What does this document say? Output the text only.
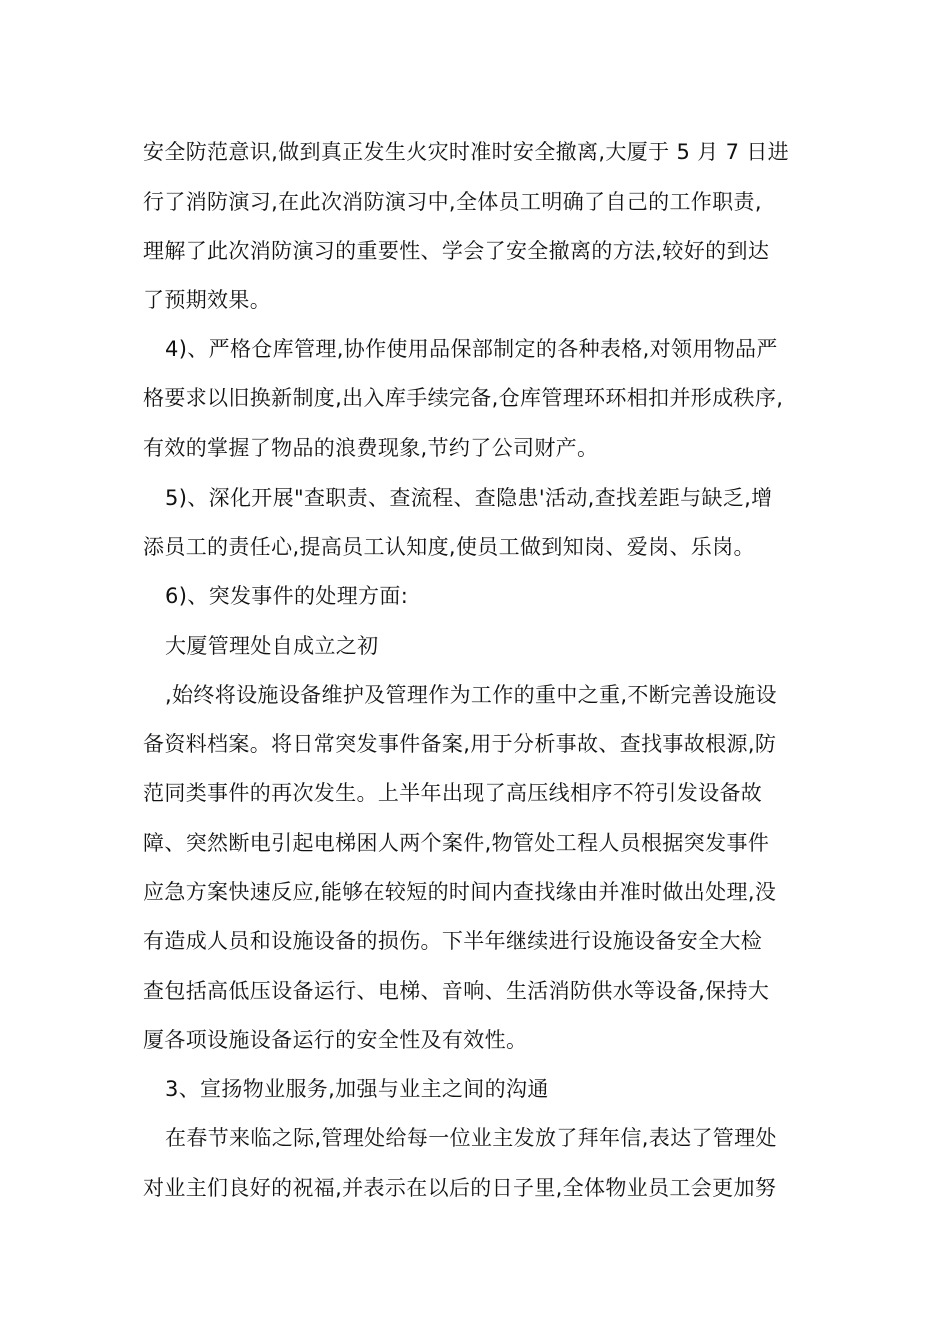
安全防范意识,做到真正发生火灾时准时安全撤离,大厦于 5 月 7 日进
行了消防演习,在此次消防演习中,全体员工明确了自己的工作职责,
理解了此次消防演习的重要性、学会了安全撤离的方法,较好的到达
了预期效果。
4)、严格仓库管理,协作使用品保部制定的各种表格,对领用物品严
格要求以旧换新制度,出入库手续完备,仓库管理环环相扣并形成秩序,
有效的掌握了物品的浪费现象,节约了公司财产。
5)、深化开展"查职责、查流程、查隐患'活动,查找差距与缺乏,增
添员工的责任心,提高员工认知度,使员工做到知岗、爱岗、乐岗。
6)、突发事件的处理方面:
大厦管理处自成立之初
,始终将设施设备维护及管理作为工作的重中之重,不断完善设施设
备资料档案。将日常突发事件备案,用于分析事故、查找事故根源,防
范同类事件的再次发生。上半年出现了高压线相序不符引发设备故
障、突然断电引起电梯困人两个案件,物管处工程人员根据突发事件
应急方案快速反应,能够在较短的时间内查找缘由并准时做出处理,没
有造成人员和设施设备的损伤。下半年继续进行设施设备安全大检
查包括高低压设备运行、电梯、音响、生活消防供水等设备,保持大
厦各项设施设备运行的安全性及有效性。
3、宣扬物业服务,加强与业主之间的沟通
在春节来临之际,管理处给每一位业主发放了拜年信,表达了管理处
对业主们良好的祝福,并表示在以后的日子里,全体物业员工会更加努
